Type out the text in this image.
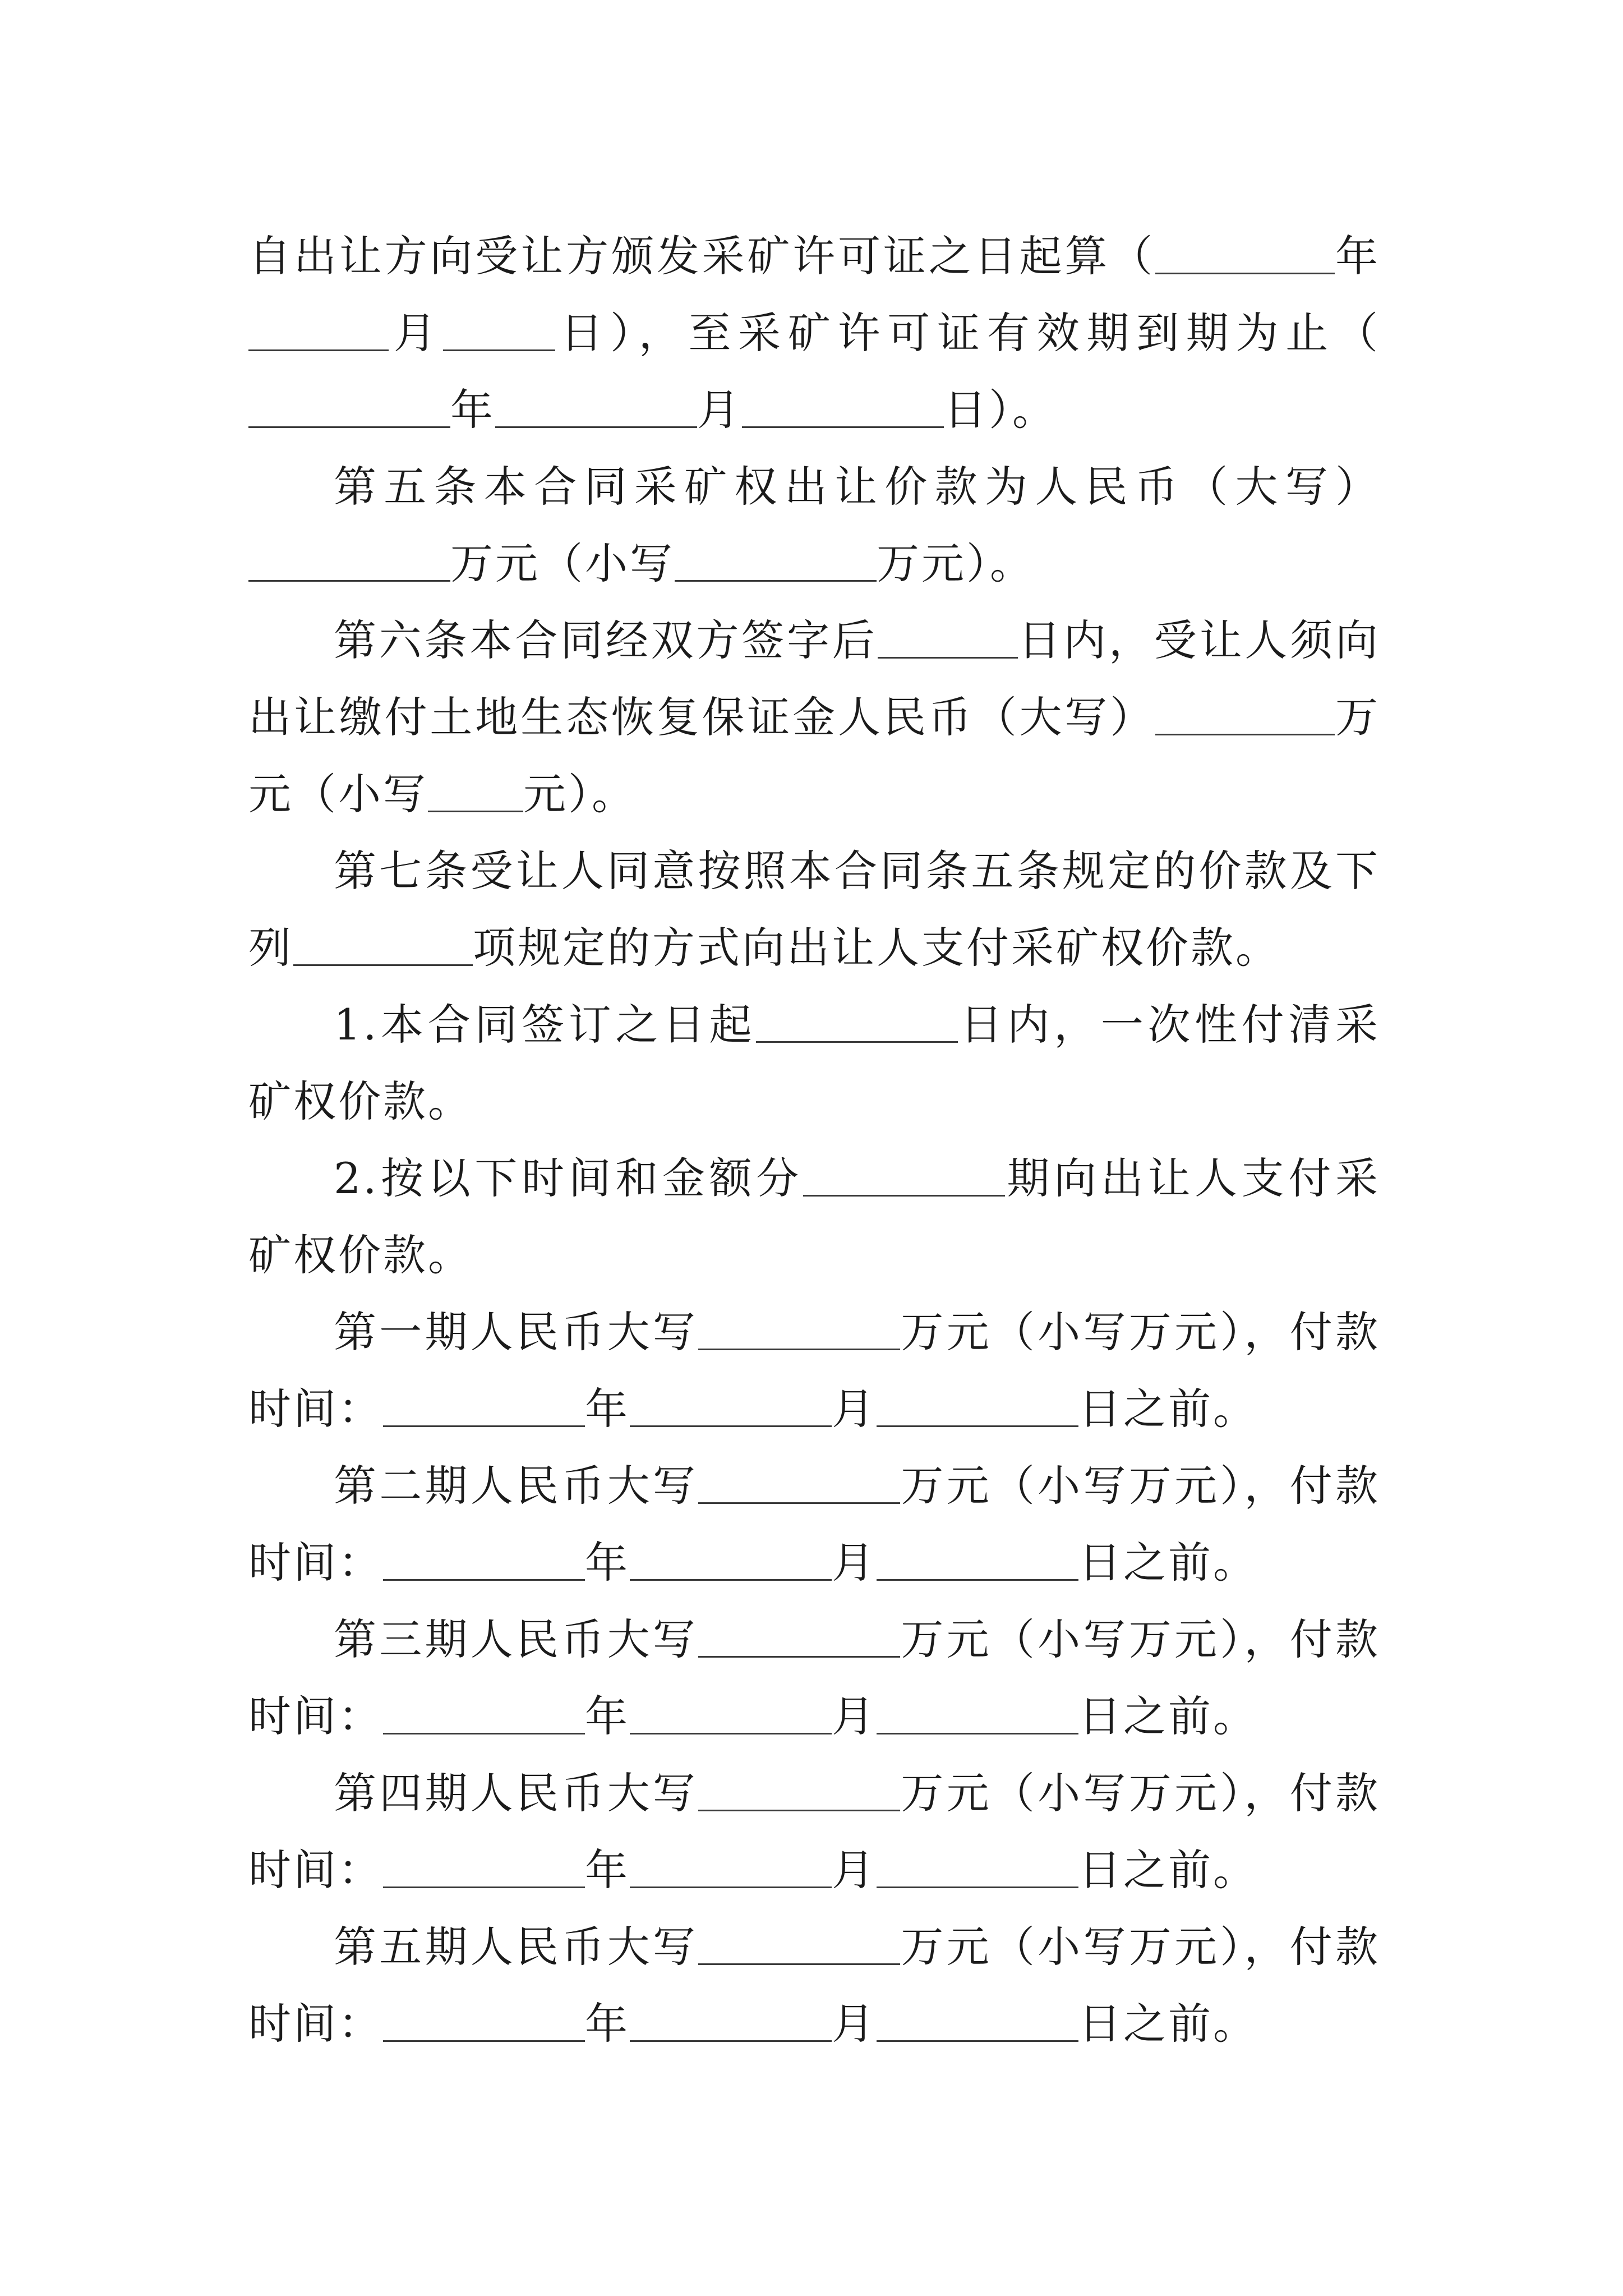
自出让方向受让方颁发采矿许可证之日起算（	年月	日），至采矿许可证有效期到期为止（年	月	日）。

第五条本合同采矿权出让价款为人民币（大写）万元（小写	万元）。

第六条本合同经双方签字后	日内，受让人须向出让缴付土地生态恢复保证金人民币（大写）	万元（小写 元）。

第七条受让人同意按照本合同条五条规定的价款及下列	项规定的方式向出让人支付采矿权价款。

1.本合同签订之日起	日内，一次性付清采矿权价款。

2.按以下时间和金额分	期向出让人支付采矿权价款。

第一期人民币大写	万元（小写万元），付款时间：	年	月	日之前。

第二期人民币大写	万元（小写万元），付款时间：	年	月	日之前。

第三期人民币大写	万元（小写万元），付款时间：	年	月	日之前。

第四期人民币大写	万元（小写万元），付款时间：	年	月	日之前。

第五期人民币大写	万元（小写万元），付款时间：	年	月	日之前。
